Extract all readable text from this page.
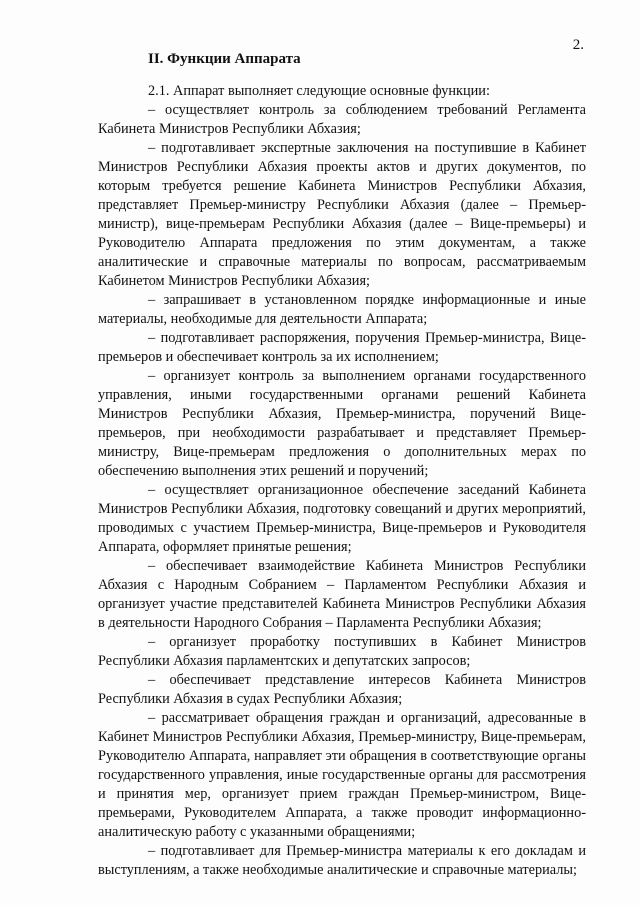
2.
II. Функции Аппарата

2.1. Аппарат выполняет следующие основные функции:

– осуществляет контроль за соблюдением требований Регламента Кабинета Министров Республики Абхазия;

– подготавливает экспертные заключения на поступившие в Кабинет Министров Республики Абхазия проекты актов и других документов, по которым требуется решение Кабинета Министров Республики Абхазия, представляет Премьер-министру Республики Абхазия (далее – Премьер-министр), вице-премьерам Республики Абхазия (далее – Вице-премьеры) и Руководителю Аппарата предложения по этим документам, а также аналитические и справочные материалы по вопросам, рассматриваемым Кабинетом Министров Республики Абхазия;

– запрашивает в установленном порядке информационные и иные материалы, необходимые для деятельности Аппарата;

– подготавливает распоряжения, поручения Премьер-министра, Вице-премьеров и обеспечивает контроль за их исполнением;

– организует контроль за выполнением органами государственного управления, иными государственными органами решений Кабинета Министров Республики Абхазия, Премьер-министра, поручений Вице-премьеров, при необходимости разрабатывает и представляет Премьер-министру, Вице-премьерам предложения о дополнительных мерах по обеспечению выполнения этих решений и поручений;

– осуществляет организационное обеспечение заседаний Кабинета Министров Республики Абхазия, подготовку совещаний и других мероприятий, проводимых с участием Премьер-министра, Вице-премьеров и Руководителя Аппарата, оформляет принятые решения;

– обеспечивает взаимодействие Кабинета Министров Республики Абхазия с Народным Собранием – Парламентом Республики Абхазия и организует участие представителей Кабинета Министров Республики Абхазия в деятельности Народного Собрания – Парламента Республики Абхазия;

– организует проработку поступивших в Кабинет Министров Республики Абхазия парламентских и депутатских запросов;

– обеспечивает представление интересов Кабинета Министров Республики Абхазия в судах Республики Абхазия;

– рассматривает обращения граждан и организаций, адресованные в Кабинет Министров Республики Абхазия, Премьер-министру, Вице-премьерам, Руководителю Аппарата, направляет эти обращения в соответствующие органы государственного управления, иные государственные органы для рассмотрения и принятия мер, организует прием граждан Премьер-министром, Вице-премьерами, Руководителем Аппарата, а также проводит информационно-аналитическую работу с указанными обращениями;

– подготавливает для Премьер-министра материалы к его докладам и выступлениям, а также необходимые аналитические и справочные материалы;
